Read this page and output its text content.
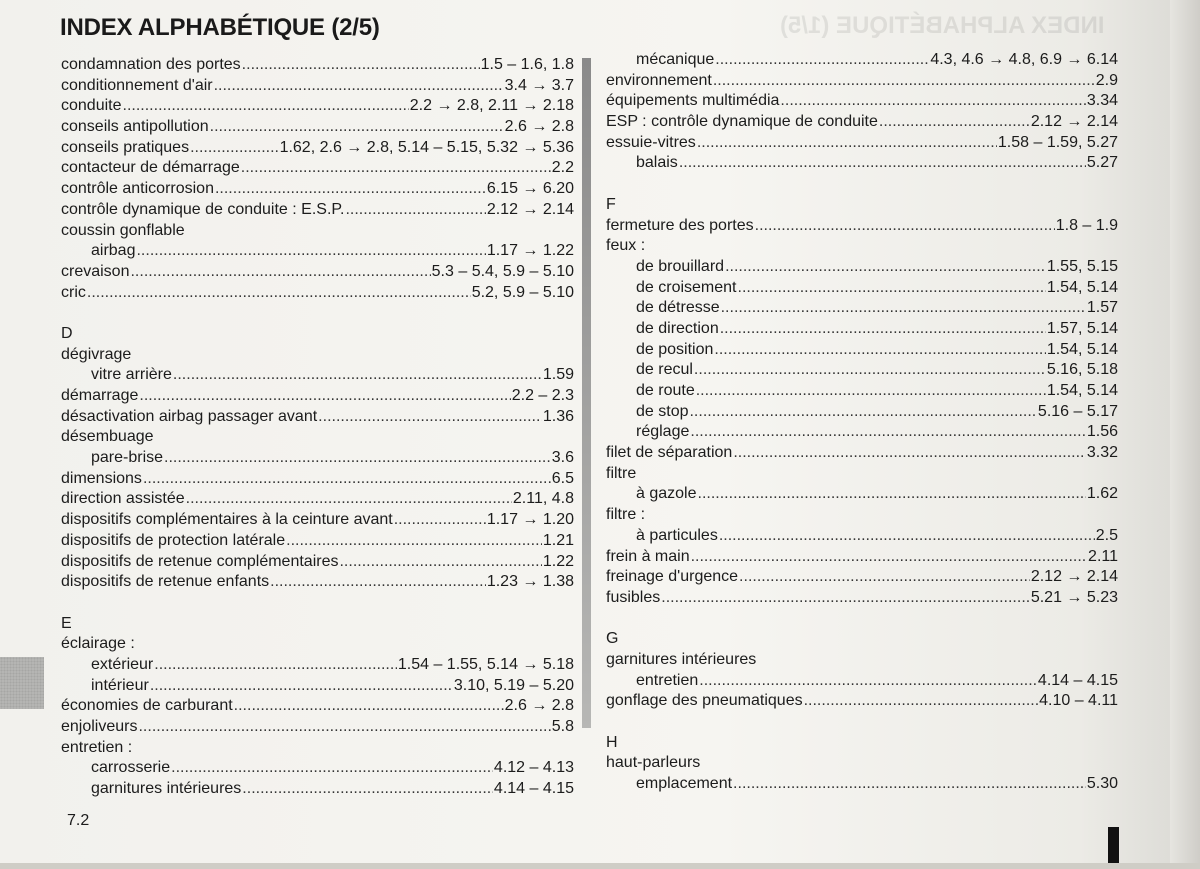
INDEX ALPHABÉTIQUE (1/5)
INDEX ALPHABÉTIQUE (2/5)
condamnation des portes .....	1.5 – 1.6, 1.8
conditionnement d'air .....	3.4 → 3.7
conduite .....	2.2 → 2.8, 2.11 → 2.18
conseils antipollution .....	2.6 → 2.8
conseils pratiques .....	1.62, 2.6 → 2.8, 5.14 – 5.15, 5.32 → 5.36
contacteur de démarrage .....	2.2
contrôle anticorrosion .....	6.15 → 6.20
contrôle dynamique de conduite : E.S.P. .....	2.12 → 2.14
coussin gonflable
airbag .....	1.17 → 1.22
crevaison .....	5.3 – 5.4, 5.9 – 5.10
cric .....	5.2, 5.9 – 5.10
D
dégivrage
vitre arrière .....	1.59
démarrage .....	2.2 – 2.3
désactivation airbag passager avant .....	1.36
désembuage
pare-brise .....	3.6
dimensions .....	6.5
direction assistée .....	2.11, 4.8
dispositifs complémentaires à la ceinture avant .....	1.17 → 1.20
dispositifs de protection latérale .....	1.21
dispositifs de retenue complémentaires .....	1.22
dispositifs de retenue enfants .....	1.23 → 1.38
E
éclairage :
extérieur .....	1.54 – 1.55, 5.14 → 5.18
intérieur .....	3.10, 5.19 – 5.20
économies de carburant .....	2.6 → 2.8
enjoliveurs .....	5.8
entretien :
carrosserie .....	4.12 – 4.13
garnitures intérieures .....	4.14 – 4.15
mécanique .....	4.3, 4.6 → 4.8, 6.9 → 6.14
environnement .....	2.9
équipements multimédia .....	3.34
ESP : contrôle dynamique de conduite .....	2.12 → 2.14
essuie-vitres .....	1.58 – 1.59, 5.27
balais .....	5.27
F
fermeture des portes .....	1.8 – 1.9
feux :
de brouillard .....	1.55, 5.15
de croisement .....	1.54, 5.14
de détresse .....	1.57
de direction .....	1.57, 5.14
de position .....	1.54, 5.14
de recul .....	5.16, 5.18
de route .....	1.54, 5.14
de stop .....	5.16 – 5.17
réglage .....	1.56
filet de séparation .....	3.32
filtre
à gazole .....	1.62
filtre :
à particules .....	2.5
frein à main .....	2.11
freinage d'urgence .....	2.12 → 2.14
fusibles .....	5.21 → 5.23
G
garnitures intérieures
entretien .....	4.14 – 4.15
gonflage des pneumatiques .....	4.10 – 4.11
H
haut-parleurs
emplacement .....	5.30
7.2
